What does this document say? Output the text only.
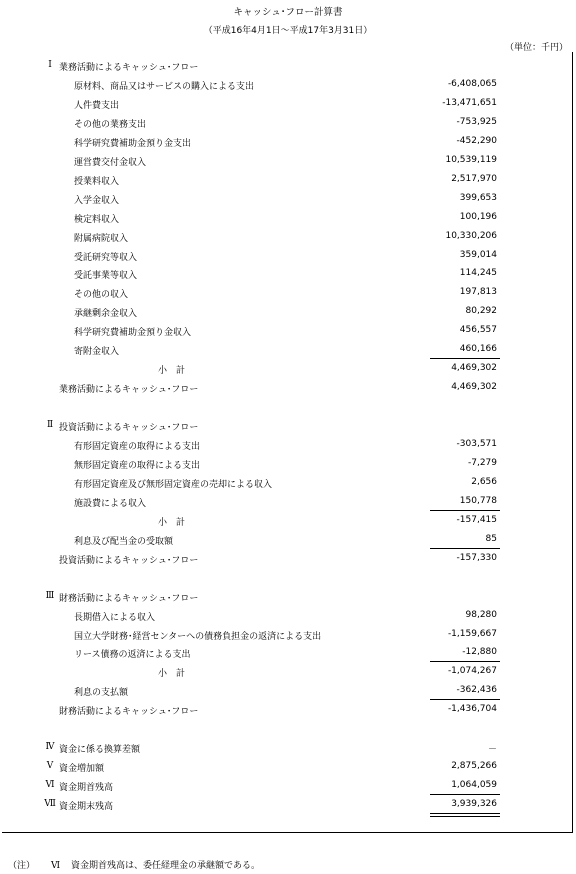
キャッシュ･フロー計算書
（平成16年4月1日～平成17年3月31日）
（単位：千円）
Ⅰ 業務活動によるキャッシュ･フロー
原材料、商品又はサービスの購入による支出	-6,408,065
人件費支出	-13,471,651
その他の業務支出	-753,925
科学研究費補助金預り金支出	-452,290
運営費交付金収入	10,539,119
授業料収入	2,517,970
入学金収入	399,653
検定料収入	100,196
附属病院収入	10,330,206
受託研究等収入	359,014
受託事業等収入	114,245
その他の収入	197,813
承継剰余金収入	80,292
科学研究費補助金預り金収入	456,557
寄附金収入	460,166
小　計	4,469,302
業務活動によるキャッシュ･フロー	4,469,302
Ⅱ 投資活動によるキャッシュ･フロー
有形固定資産の取得による支出	-303,571
無形固定資産の取得による支出	-7,279
有形固定資産及び無形固定資産の売却による収入	2,656
施設費による収入	150,778
小　計	-157,415
利息及び配当金の受取額	85
投資活動によるキャッシュ･フロー	-157,330
Ⅲ 財務活動によるキャッシュ･フロー
長期借入による収入	98,280
国立大学財務･経営センターへの債務負担金の返済による支出	-1,159,667
リース債務の返済による支出	-12,880
小　計	-1,074,267
利息の支払額	-362,436
財務活動によるキャッシュ･フロー	-1,436,704
Ⅳ 資金に係る換算差額	－
Ⅴ 資金増加額	2,875,266
Ⅵ 資金期首残高	1,064,059
Ⅶ 資金期末残高	3,939,326
（注） Ⅵ 資金期首残高は、委任経理金の承継額である。
